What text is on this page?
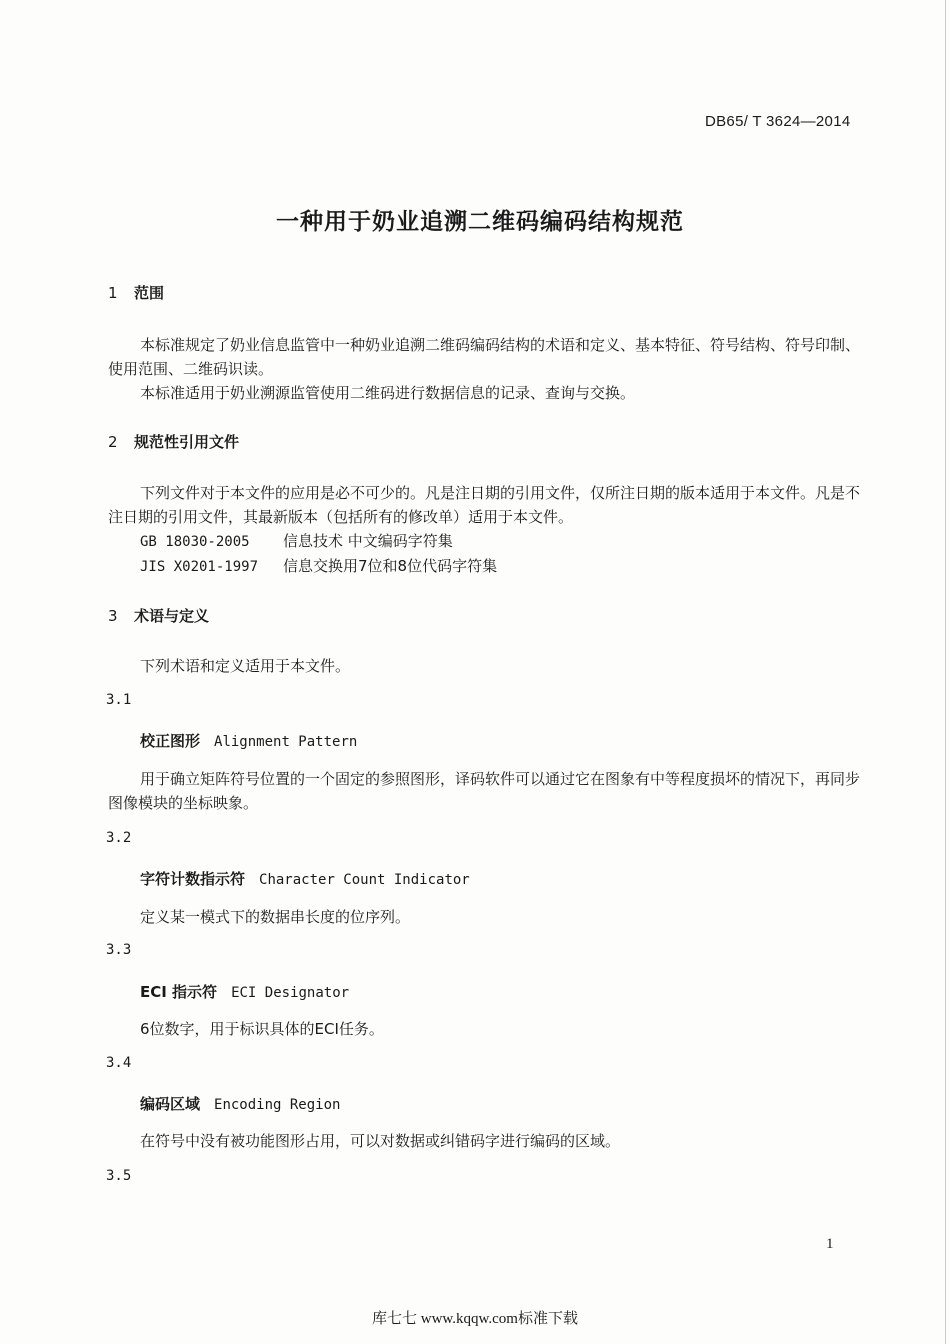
DB65/ T 3624—2014
一种用于奶业追溯二维码编码结构规范
1 范围
本标准规定了奶业信息监管中一种奶业追溯二维码编码结构的术语和定义、基本特征、符号结构、符号印制、使用范围、二维码识读。
本标准适用于奶业溯源监管使用二维码进行数据信息的记录、查询与交换。
2 规范性引用文件
下列文件对于本文件的应用是必不可少的。凡是注日期的引用文件，仅所注日期的版本适用于本文件。凡是不注日期的引用文件，其最新版本（包括所有的修改单）适用于本文件。
GB 18030-2005 信息技术 中文编码字符集
JIS X0201-1997 信息交换用7位和8位代码字符集
3 术语与定义
下列术语和定义适用于本文件。
3.1
校正图形 Alignment Pattern
用于确立矩阵符号位置的一个固定的参照图形，译码软件可以通过它在图象有中等程度损坏的情况下，再同步图像模块的坐标映象。
3.2
字符计数指示符 Character Count Indicator
定义某一模式下的数据串长度的位序列。
3.3
ECI 指示符 ECI Designator
6位数字，用于标识具体的ECI任务。
3.4
编码区域 Encoding Region
在符号中没有被功能图形占用，可以对数据或纠错码字进行编码的区域。
3.5
1
库七七 www.kqqw.com标准下载
